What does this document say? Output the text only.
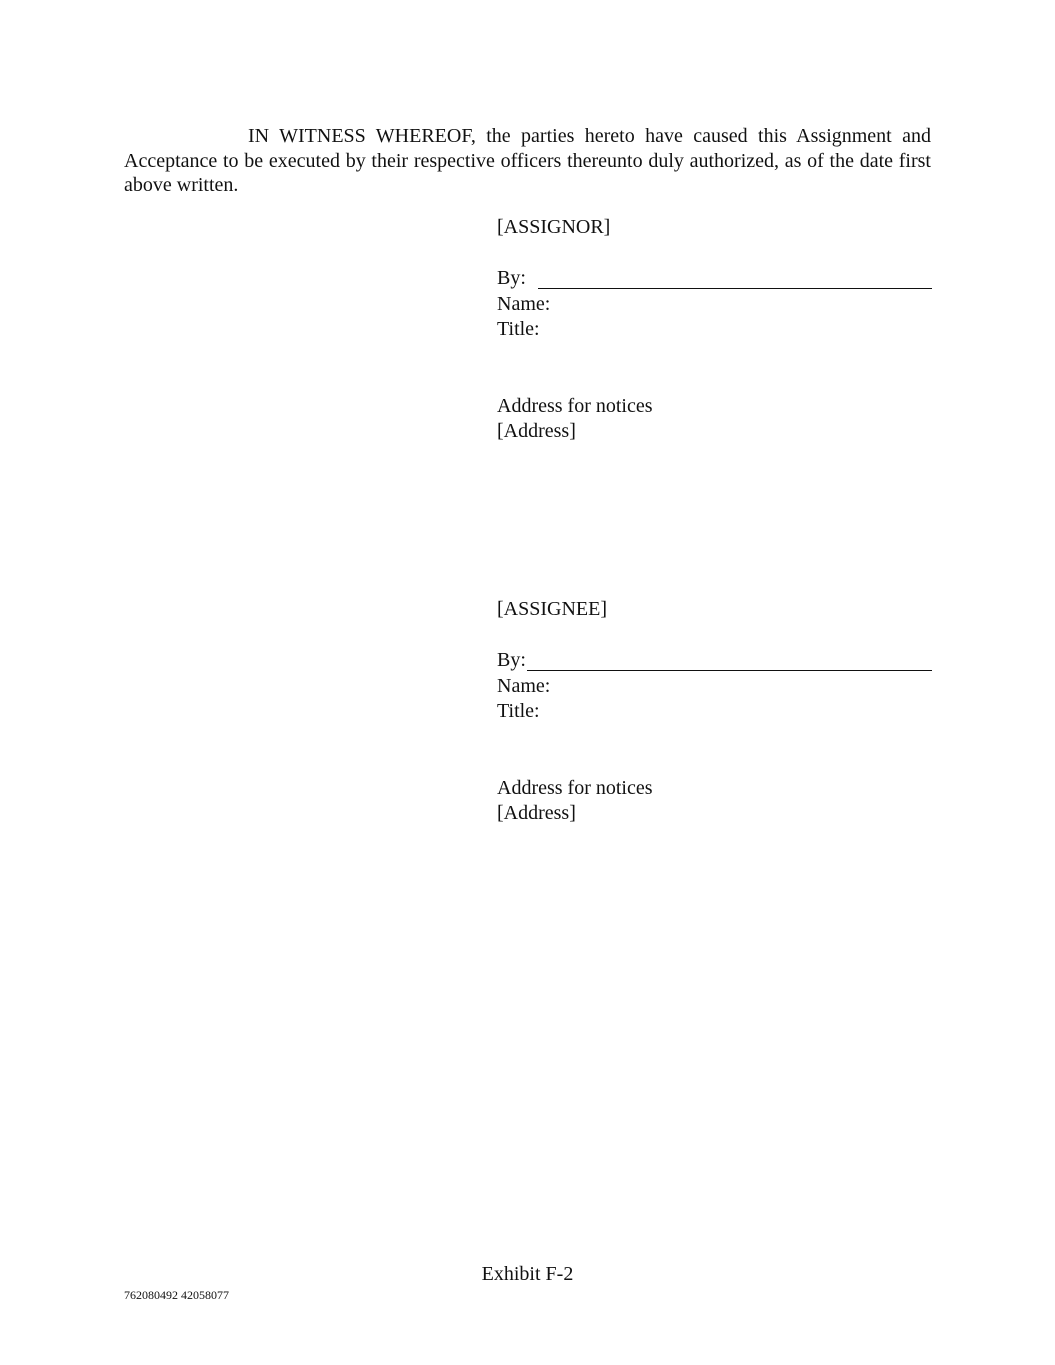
IN WITNESS WHEREOF, the parties hereto have caused this Assignment and Acceptance to be executed by their respective officers thereunto duly authorized, as of the date first above written.

[ASSIGNOR]
By:
Name:
Title:
Address for notices
[Address]
[ASSIGNEE]
By:
Name:
Title:
Address for notices
[Address]
Exhibit F-2
762080492 42058077
